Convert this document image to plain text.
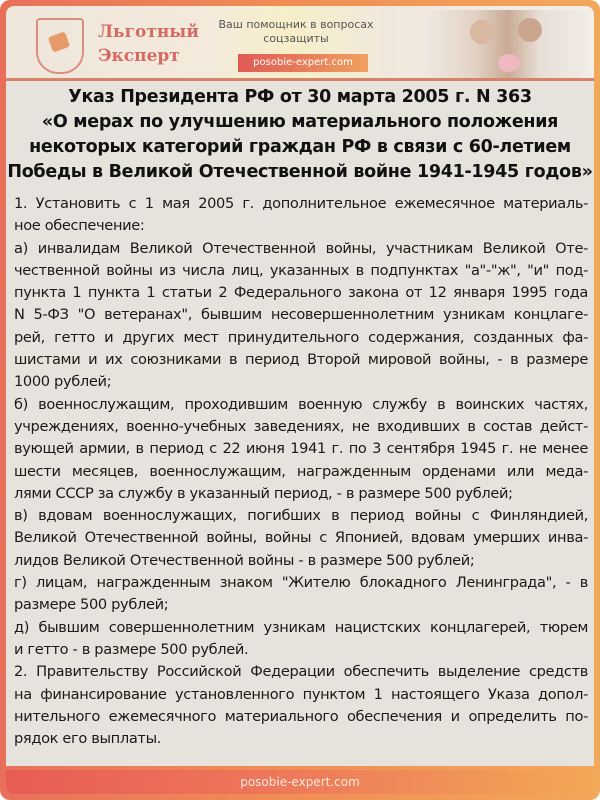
Льготный
Эксперт
Ваш помощник в вопросах соцзащиты
posobie-expert.com
Указ Президента РФ от 30 марта 2005 г. N 363
«О мерах по улучшению материального положения
некоторых категорий граждан РФ в связи с 60-летием
Победы в Великой Отечественной войне 1941-1945 годов»
1. Установить с 1 мая 2005 г. дополнительное ежемесячное материаль-
ное обеспечение:
а) инвалидам Великой Отечественной войны, участникам Великой Оте-
чественной войны из числа лиц, указанных в подпунктах "а"-"ж", "и" под-
пункта 1 пункта 1 статьи 2 Федерального закона от 12 января 1995 года
N 5-ФЗ "О ветеранах", бывшим несовершеннолетним узникам концлаге-
рей, гетто и других мест принудительного содержания, созданных фа-
шистами и их союзниками в период Второй мировой войны, - в размере
1000 рублей;
б) военнослужащим, проходившим военную службу в воинских частях,
учреждениях, военно-учебных заведениях, не входивших в состав дейст-
вующей армии, в период с 22 июня 1941 г. по 3 сентября 1945 г. не менее
шести месяцев, военнослужащим, награжденным орденами или меда-
лями СССР за службу в указанный период, - в размере 500 рублей;
в) вдовам военнослужащих, погибших в период войны с Финляндией,
Великой Отечественной войны, войны с Японией, вдовам умерших инва-
лидов Великой Отечественной войны - в размере 500 рублей;
г) лицам, награжденным знаком "Жителю блокадного Ленинграда", - в
размере 500 рублей;
д) бывшим совершеннолетним узникам нацистских концлагерей, тюрем
и гетто - в размере 500 рублей.
2. Правительству Российской Федерации обеспечить выделение средств
на финансирование установленного пунктом 1 настоящего Указа допол-
нительного ежемесячного материального обеспечения и определить по-
рядок его выплаты.
posobie-expert.com
